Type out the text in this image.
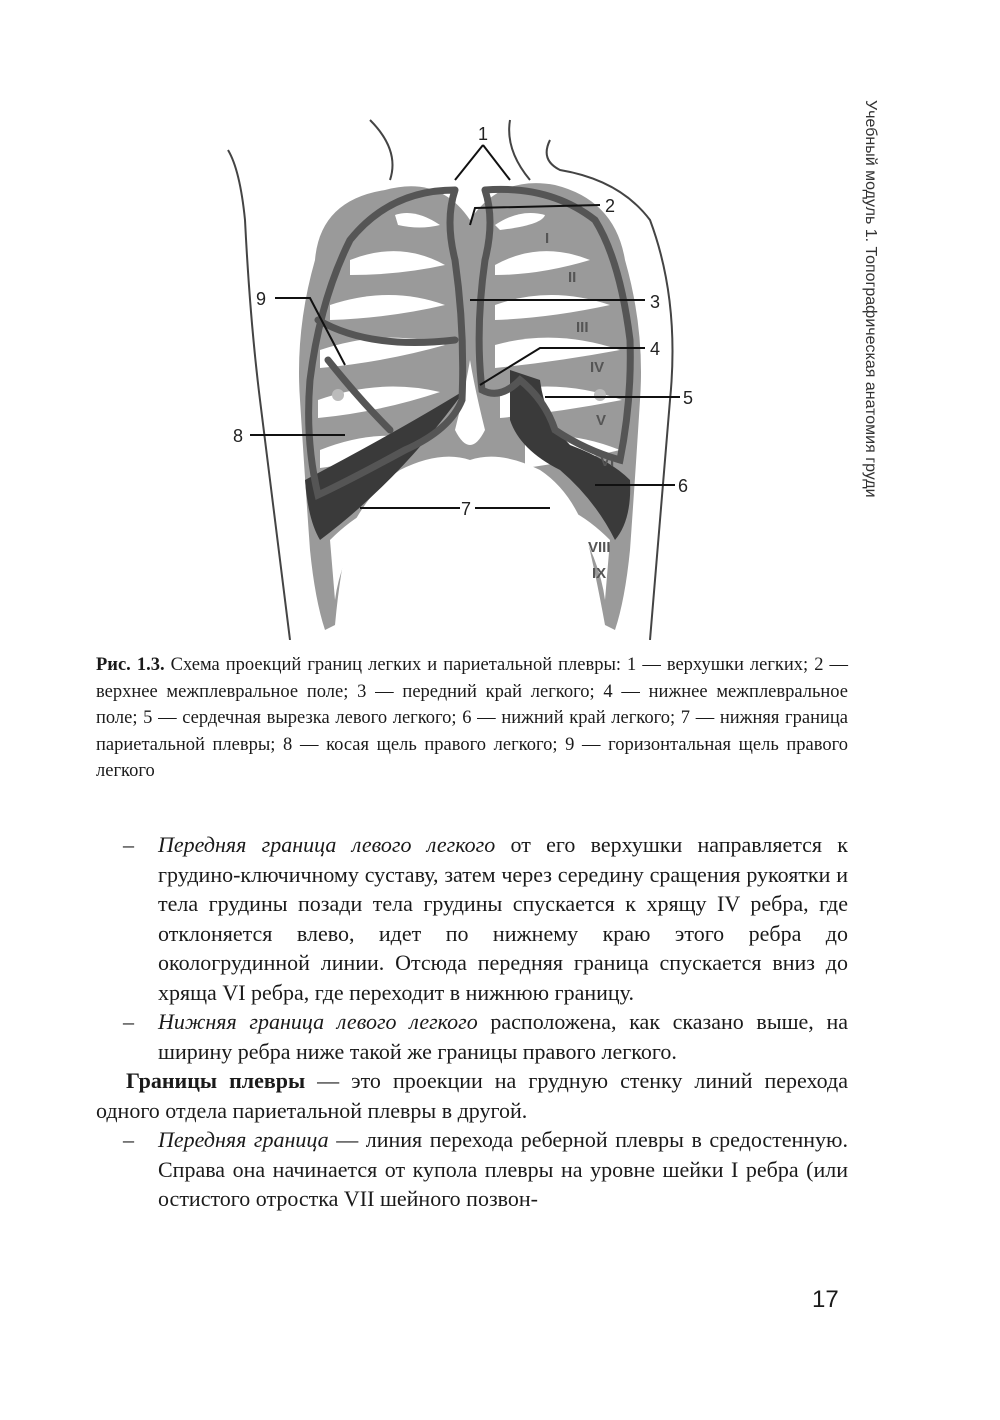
1
2
3
4
5
6
7
8
9
I
II
III
IV
V
VI
VIII
IX
Учебный модуль 1. Топографическая анатомия груди
Рис. 1.3. Схема проекций границ легких и париетальной плевры: 1 — верхушки легких; 2 — верхнее межплевральное поле; 3 — передний край легкого; 4 — нижнее межплевральное поле; 5 — сердечная вырезка левого легкого; 6 — нижний край легкого; 7 — нижняя граница париетальной плевры; 8 — косая щель правого легкого; 9 — горизонтальная щель правого легкого
– Передняя граница левого легкого от его верхушки направляется к грудино-ключичному суставу, затем через середину сращения рукоятки и тела грудины позади тела грудины спускается к хрящу IV ребра, где отклоняется влево, идет по нижнему краю этого ребра до окологрудинной линии. Отсюда передняя граница спускается вниз до хряща VI ребра, где переходит в нижнюю границу.
– Нижняя граница левого легкого расположена, как сказано выше, на ширину ребра ниже такой же границы правого легкого.
Границы плевры — это проекции на грудную стенку линий перехода одного отдела париетальной плевры в другой.
– Передняя граница — линия перехода реберной плевры в средостенную. Справа она начинается от купола плевры на уровне шейки I ребра (или остистого отростка VII шейного позвон-
17
